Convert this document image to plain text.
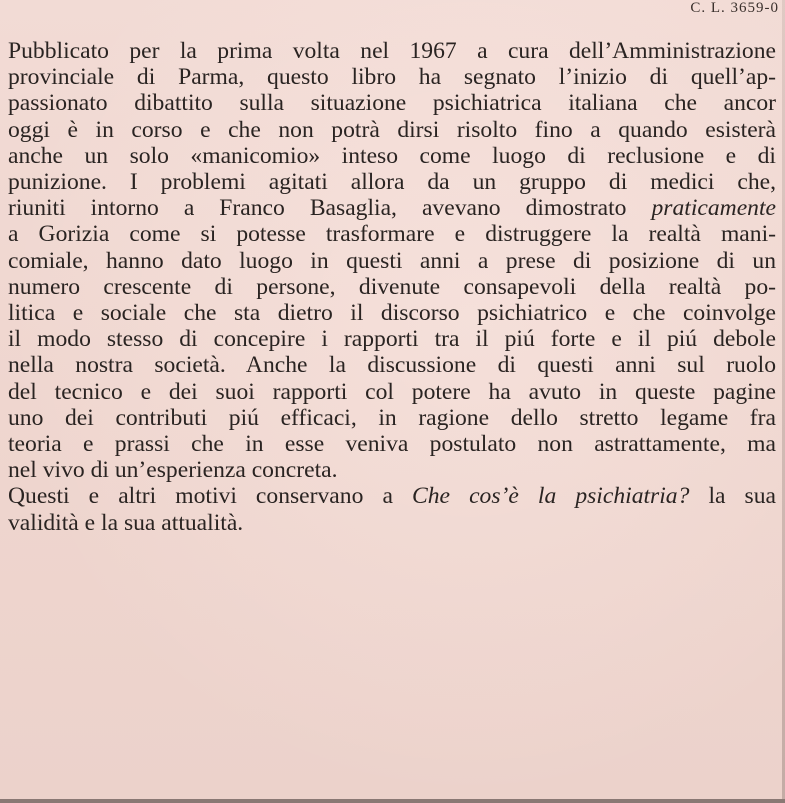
C. L. 3659-0
Pubblicato per la prima volta nel 1967 a cura dell’Amministrazione
provinciale di Parma, questo libro ha segnato l’inizio di quell’ap-
passionato dibattito sulla situazione psichiatrica italiana che ancor
oggi è in corso e che non potrà dirsi risolto fino a quando esisterà
anche un solo «manicomio» inteso come luogo di reclusione e di
punizione. I problemi agitati allora da un gruppo di medici che,
riuniti intorno a Franco Basaglia, avevano dimostrato praticamente
a Gorizia come si potesse trasformare e distruggere la realtà mani-
comiale, hanno dato luogo in questi anni a prese di posizione di un
numero crescente di persone, divenute consapevoli della realtà po-
litica e sociale che sta dietro il discorso psichiatrico e che coinvolge
il modo stesso di concepire i rapporti tra il piú forte e il piú debole
nella nostra società. Anche la discussione di questi anni sul ruolo
del tecnico e dei suoi rapporti col potere ha avuto in queste pagine
uno dei contributi piú efficaci, in ragione dello stretto legame fra
teoria e prassi che in esse veniva postulato non astrattamente, ma
nel vivo di un’esperienza concreta.
Questi e altri motivi conservano a Che cos’è la psichiatria? la sua
validità e la sua attualità.
